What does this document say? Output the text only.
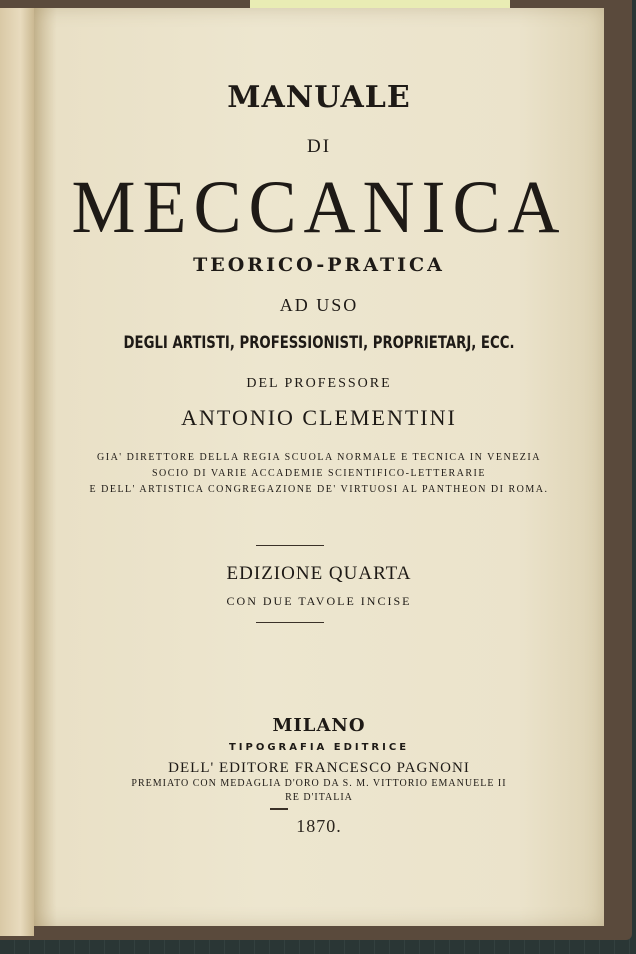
MANUALE
DI
MECCANICA
TEORICO-PRATICA
AD USO
DEGLI ARTISTI, PROFESSIONISTI, PROPRIETARJ, ECC.
DEL PROFESSORE
ANTONIO CLEMENTINI
GIA' DIRETTORE DELLA REGIA SCUOLA NORMALE E TECNICA IN VENEZIA
SOCIO DI VARIE ACCADEMIE SCIENTIFICO-LETTERARIE
E DELL' ARTISTICA CONGREGAZIONE DE' VIRTUOSI AL PANTHEON DI ROMA.
EDIZIONE QUARTA
CON DUE TAVOLE INCISE
MILANO
TIPOGRAFIA EDITRICE
DELL' EDITORE FRANCESCO PAGNONI
PREMIATO CON MEDAGLIA D'ORO DA S. M. VITTORIO EMANUELE II
RE D'ITALIA
1870.
